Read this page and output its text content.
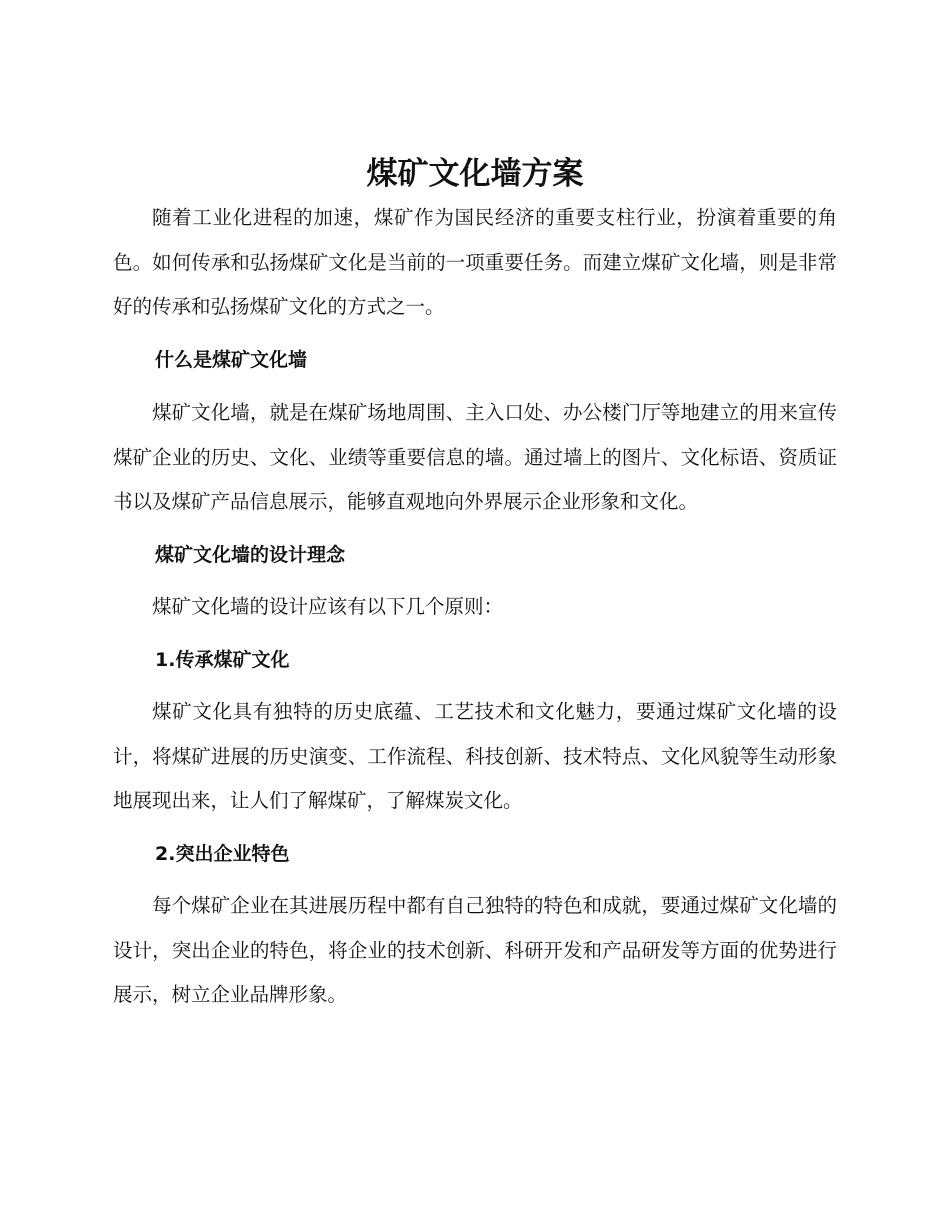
煤矿文化墙方案

随着工业化进程的加速，煤矿作为国民经济的重要支柱行业，扮演着重要的角色。如何传承和弘扬煤矿文化是当前的一项重要任务。而建立煤矿文化墙，则是非常好的传承和弘扬煤矿文化的方式之一。

什么是煤矿文化墙

煤矿文化墙，就是在煤矿场地周围、主入口处、办公楼门厅等地建立的用来宣传煤矿企业的历史、文化、业绩等重要信息的墙。通过墙上的图片、文化标语、资质证书以及煤矿产品信息展示，能够直观地向外界展示企业形象和文化。

煤矿文化墙的设计理念

煤矿文化墙的设计应该有以下几个原则：

1.传承煤矿文化

煤矿文化具有独特的历史底蕴、工艺技术和文化魅力，要通过煤矿文化墙的设计，将煤矿进展的历史演变、工作流程、科技创新、技术特点、文化风貌等生动形象地展现出来，让人们了解煤矿，了解煤炭文化。

2.突出企业特色

每个煤矿企业在其进展历程中都有自己独特的特色和成就，要通过煤矿文化墙的设计，突出企业的特色，将企业的技术创新、科研开发和产品研发等方面的优势进行展示，树立企业品牌形象。
